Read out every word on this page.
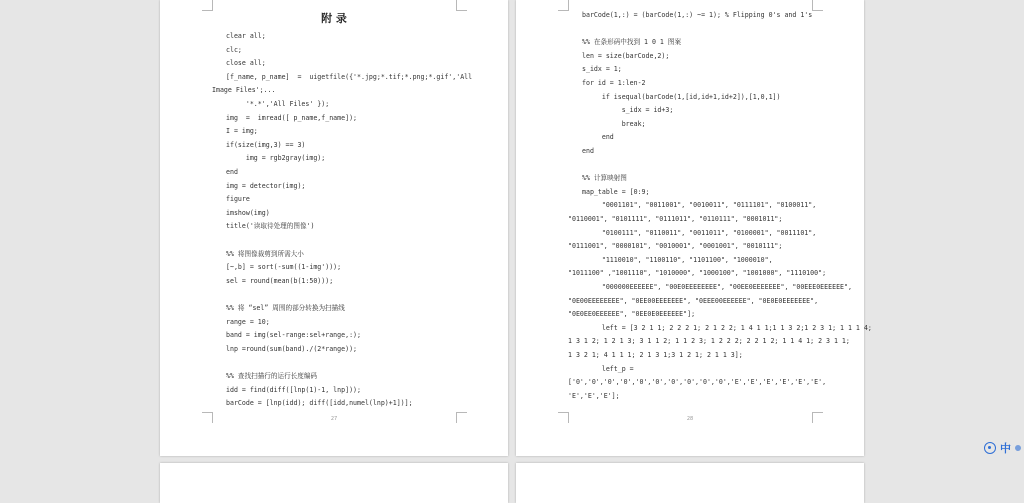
附 录
clear all;
clc;
close all;
[f_name, p_name]  =  uigetfile({'*.jpg;*.tif;*.png;*.gif','All
Image Files';...
'*.*','All Files' });
img  =  imread([ p_name,f_name]);
I = img;
if(size(img,3) == 3)
img = rgb2gray(img);
end
img = detector(img);
figure
imshow(img)
title('读取待处理的图像')
%% 将图像裁剪到所需大小
[~,b] = sort(-sum((1-img')));
sel = round(mean(b(1:50)));
%% 将 “sel” 周围的部分转换为扫描线
range = 10;
band = img(sel-range:sel+range,:);
lnp =round(sum(band)./(2*range));
%% 查找扫描行的运行长度编码
idd = find(diff([lnp(1)-1, lnp]));
barCode = [lnp(idd); diff([idd,numel(lnp)+1])];
27
barCode(1,:) = (barCode(1,:) ~= 1); % Flipping 0's and 1's
%% 在条形码中找到 1 0 1 图案
len = size(barCode,2);
s_idx = 1;
for id = 1:len-2
if isequal(barCode(1,[id,id+1,id+2]),[1,0,1])
s_idx = id+3;
break;
end
end
%% 计算映射图
map_table = [0:9;
"0001101", "0011001", "0010011", "0111101", "0100011",
"0110001", "0101111", "0111011", "0110111", "0001011";
"0100111", "0110011", "0011011", "0100001", "0011101",
"0111001", "0000101", "0010001", "0001001", "0010111";
"1110010", "1100110", "1101100", "1000010",
"1011100" ,"1001110", "1010000", "1000100", "1001000", "1110100";
"000000EEEEEE", "00E0EEEEEEEE", "00EE0EEEEEEE", "00EEE0EEEEEE",
"0E00EEEEEEEE", "0EE00EEEEEEE", "0EEE00EEEEEE", "0E0E0EEEEEEE",
"0E0EE0EEEEEE", "0EE0E0EEEEEE"];
left = [3 2 1 1; 2 2 2 1; 2 1 2 2; 1 4 1 1;1 1 3 2;1 2 3 1; 1 1 1 4;
1 3 1 2; 1 2 1 3; 3 1 1 2; 1 1 2 3; 1 2 2 2; 2 2 1 2; 1 1 4 1; 2 3 1 1;
1 3 2 1; 4 1 1 1; 2 1 3 1;3 1 2 1; 2 1 1 3];
left_p =
['0','0','0','0','0','0','0','0','0','0','E','E','E','E','E','E',
'E','E','E'];
28
中
